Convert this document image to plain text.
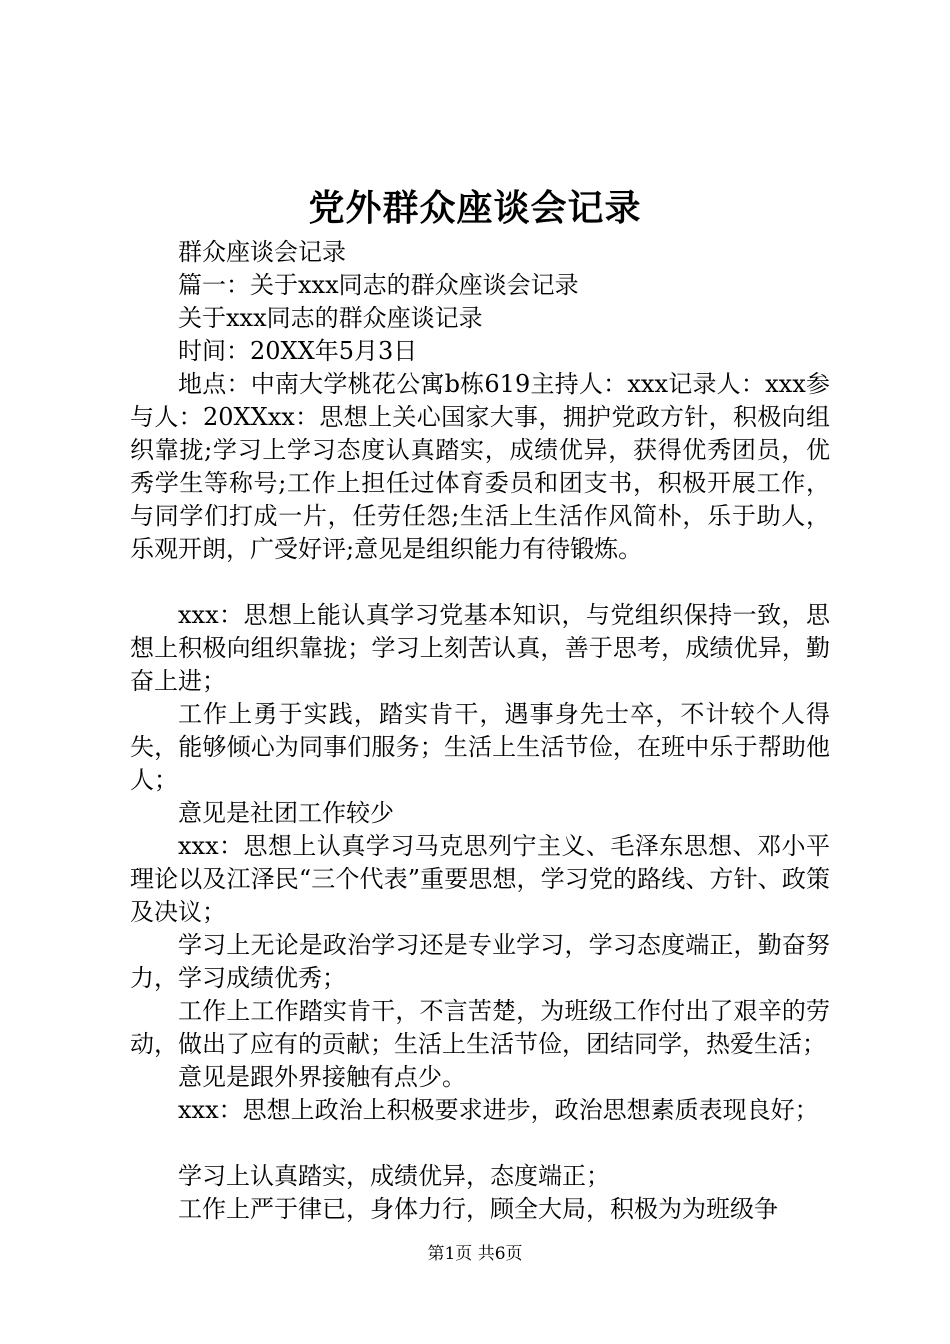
党外群众座谈会记录

群众座谈会记录

篇一：关于xxx同志的群众座谈会记录

关于xxx同志的群众座谈记录

时间：20XX年5月3日

地点：中南大学桃花公寓b栋619主持人：xxx记录人：xxx参与人：20XXxx：思想上关心国家大事，拥护党政方针，积极向组织靠拢;学习上学习态度认真踏实，成绩优异，获得优秀团员，优秀学生等称号;工作上担任过体育委员和团支书，积极开展工作，与同学们打成一片，任劳任怨;生活上生活作风简朴，乐于助人，乐观开朗，广受好评;意见是组织能力有待锻炼。

xxx：思想上能认真学习党基本知识，与党组织保持一致，思想上积极向组织靠拢；学习上刻苦认真，善于思考，成绩优异，勤奋上进；

工作上勇于实践，踏实肯干，遇事身先士卒，不计较个人得失，能够倾心为同事们服务；生活上生活节俭，在班中乐于帮助他人；

意见是社团工作较少

xxx：思想上认真学习马克思列宁主义、毛泽东思想、邓小平理论以及江泽民“三个代表”重要思想，学习党的路线、方针、政策及决议；

学习上无论是政治学习还是专业学习，学习态度端正，勤奋努力，学习成绩优秀；

工作上工作踏实肯干，不言苦楚，为班级工作付出了艰辛的劳动，做出了应有的贡献；生活上生活节俭，团结同学，热爱生活；

意见是跟外界接触有点少。

xxx：思想上政治上积极要求进步，政治思想素质表现良好；

学习上认真踏实，成绩优异，态度端正；

工作上严于律已，身体力行，顾全大局，积极为为班级争

第1页 共6页
